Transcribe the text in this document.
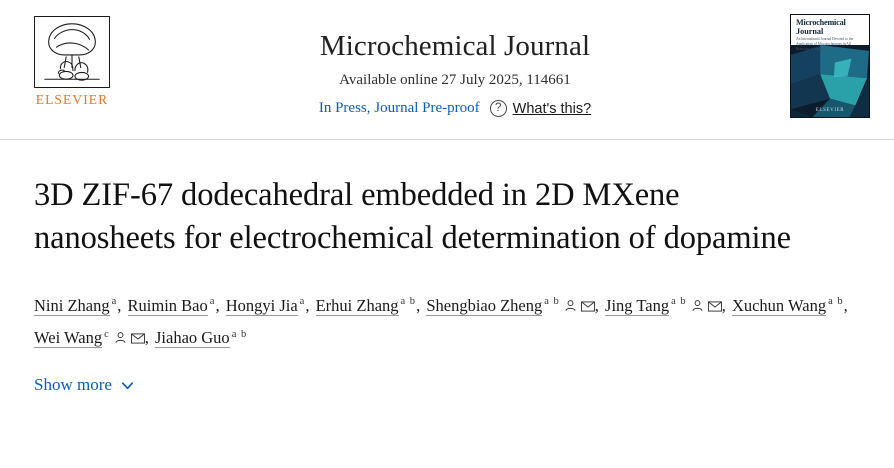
ELSEVIER
Microchemical Journal
Available online 27 July 2025, 114661
In Press, Journal Pre-proof	? What's this?
Microchemical
Journal
An International Journal Devoted to the Application of Microtechniques in All Branches of Science
ELSEVIER
3D ZIF-67 dodecahedral embedded in 2D MXene nanosheets for electrochemical determination of dopamine
Nini Zhang $^a$, Ruimin Bao $^a$, Hongyi Jia $^a$, Erhui Zhang $^{a b}$, Shengbiao Zheng $^{a b}$ , Jing Tang $^{a b}$ , Xuchun Wang $^{a b}$, Wei Wang $^c$ , Jiahao Guo $^{a b}$
Show more
